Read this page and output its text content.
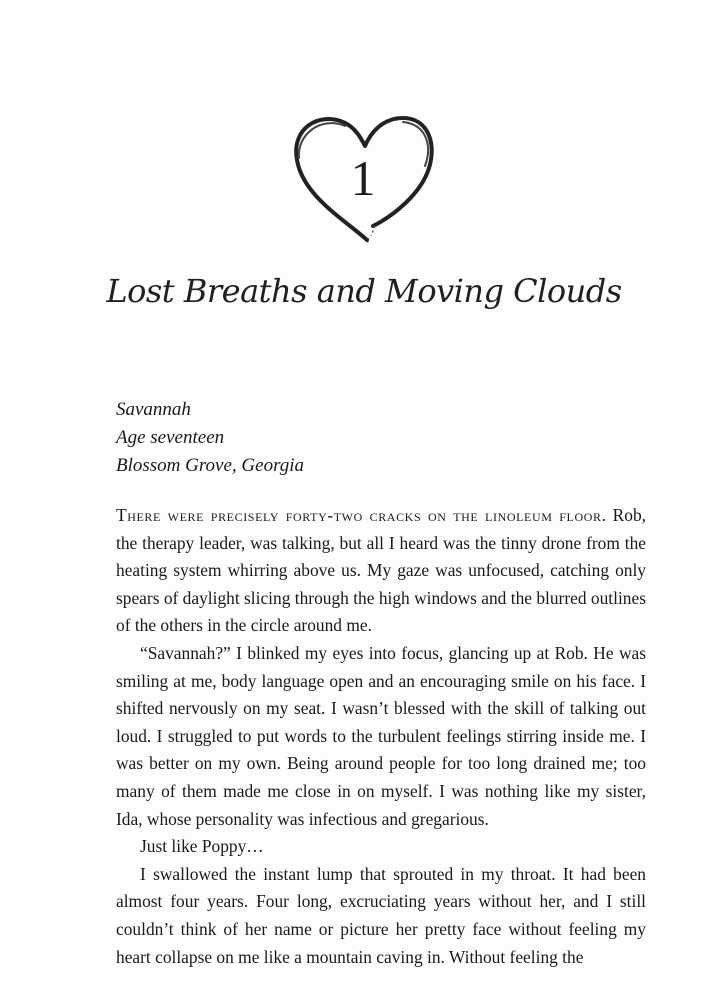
1
Lost Breaths and Moving Clouds
Savannah
Age seventeen
Blossom Grove, Georgia

There were precisely forty-two cracks on the linoleum floor. Rob, the therapy leader, was talking, but all I heard was the tinny drone from the heating system whirring above us. My gaze was unfocused, catching only spears of daylight slicing through the high windows and the blurred outlines of the others in the circle around me.

“Savannah?” I blinked my eyes into focus, glancing up at Rob. He was smiling at me, body language open and an encouraging smile on his face. I shifted nervously on my seat. I wasn’t blessed with the skill of talking out loud. I struggled to put words to the turbulent feelings stirring inside me. I was better on my own. Being around people for too long drained me; too many of them made me close in on myself. I was nothing like my sister, Ida, whose personality was infectious and gregarious.

Just like Poppy…

I swallowed the instant lump that sprouted in my throat. It had been almost four years. Four long, excruciating years without her, and I still couldn’t think of her name or picture her pretty face without feeling my heart collapse on me like a mountain caving in. Without feeling the
